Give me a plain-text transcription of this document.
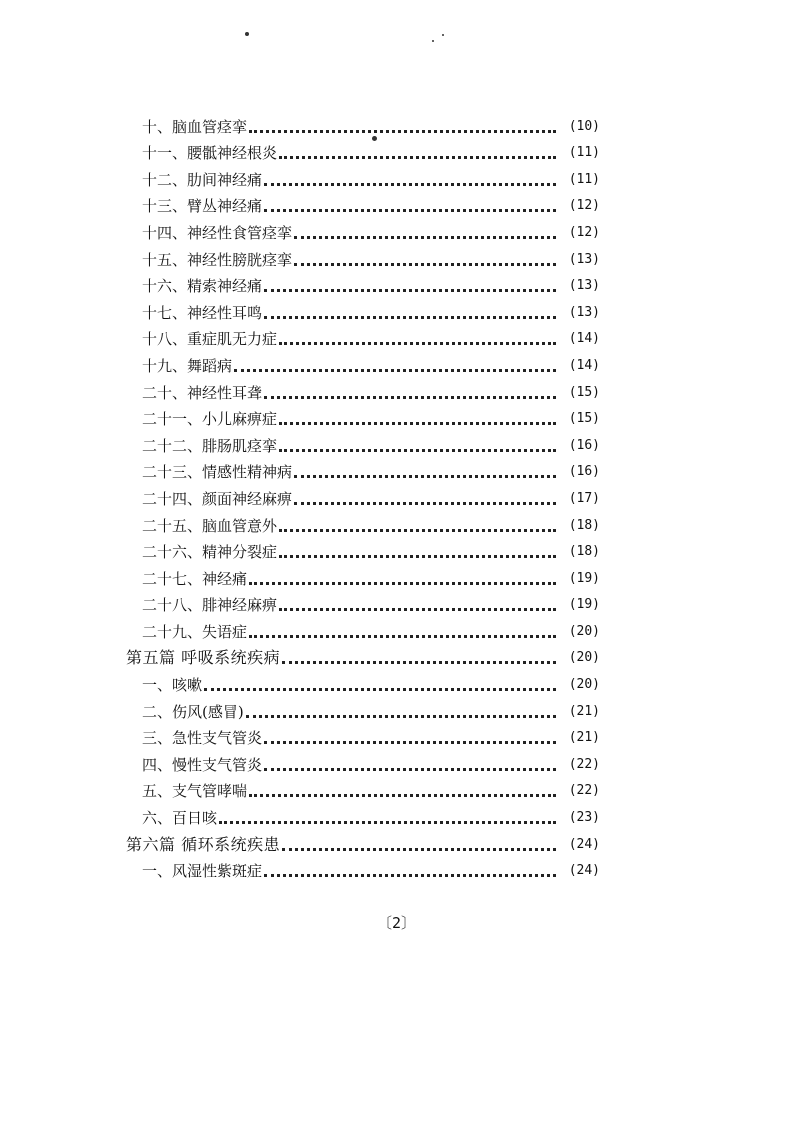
十、脑血管痉挛	(10)
十一、腰骶神经根炎	(11)
十二、肋间神经痛	(11)
十三、臂丛神经痛	(12)
十四、神经性食管痉挛	(12)
十五、神经性膀胱痉挛	(13)
十六、精索神经痛	(13)
十七、神经性耳鸣	(13)
十八、重症肌无力症	(14)
十九、舞蹈病	(14)
二十、神经性耳聋	(15)
二十一、小儿麻痹症	(15)
二十二、腓肠肌痉挛	(16)
二十三、情感性精神病	(16)
二十四、颜面神经麻痹	(17)
二十五、脑血管意外	(18)
二十六、精神分裂症	(18)
二十七、神经痛	(19)
二十八、腓神经麻痹	(19)
二十九、失语症	(20)
第五篇 呼吸系统疾病	(20)
一、咳嗽	(20)
二、伤风(感冒)	(21)
三、急性支气管炎	(21)
四、慢性支气管炎	(22)
五、支气管哮喘	(22)
六、百日咳	(23)
第六篇 循环系统疾患	(24)
一、风湿性紫斑症	(24)
〔2〕
